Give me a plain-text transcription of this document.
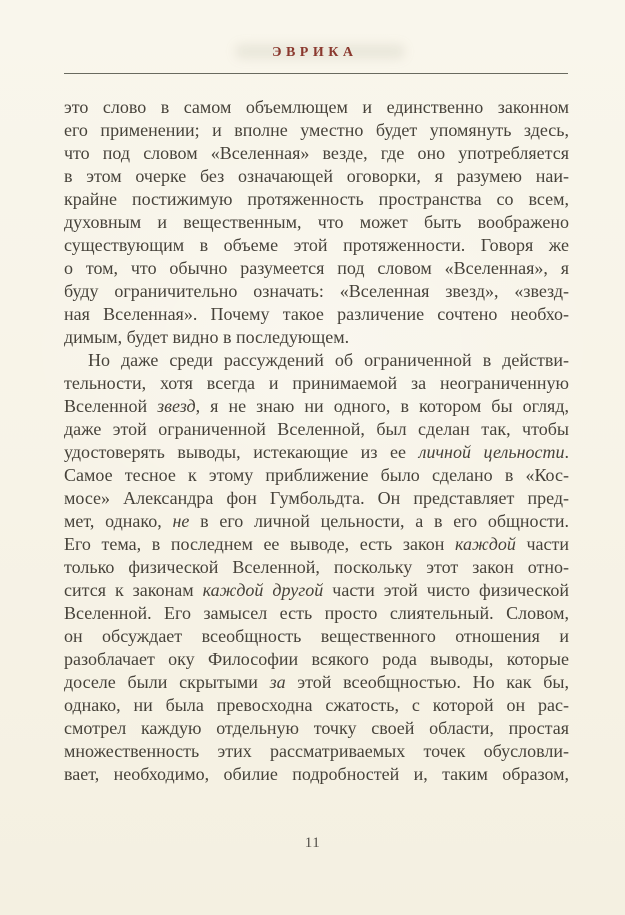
ЭВРИКА
это слово в самом объемлющем и единственно законном
его применении; и вполне уместно будет упомянуть здесь,
что под словом «Вселенная» везде, где оно употребляется
в этом очерке без означающей оговорки, я разумею наи-
крайне постижимую протяженность пространства со всем,
духовным и вещественным, что может быть воображено
существующим в объеме этой протяженности. Говоря же
о том, что обычно разумеется под словом «Вселенная», я
буду ограничительно означать: «Вселенная звезд», «звезд-
ная Вселенная». Почему такое различение сочтено необхо-
димым, будет видно в последующем.
Но даже среди рассуждений об ограниченной в действи-
тельности, хотя всегда и принимаемой за неограниченную
Вселенной звезд, я не знаю ни одного, в котором бы огляд,
даже этой ограниченной Вселенной, был сделан так, чтобы
удостоверять выводы, истекающие из ее личной цельности.
Самое тесное к этому приближение было сделано в «Кос-
мосе» Александра фон Гумбольдта. Он представляет пред-
мет, однако, не в его личной цельности, а в его общности.
Его тема, в последнем ее выводе, есть закон каждой части
только физической Вселенной, поскольку этот закон отно-
сится к законам каждой другой части этой чисто физической
Вселенной. Его замысел есть просто слиятельный. Словом,
он обсуждает всеобщность вещественного отношения и
разоблачает оку Философии всякого рода выводы, которые
доселе были скрытыми за этой всеобщностью. Но как бы,
однако, ни была превосходна сжатость, с которой он рас-
смотрел каждую отдельную точку своей области, простая
множественность этих рассматриваемых точек обусловли-
вает, необходимо, обилие подробностей и, таким образом,
11
